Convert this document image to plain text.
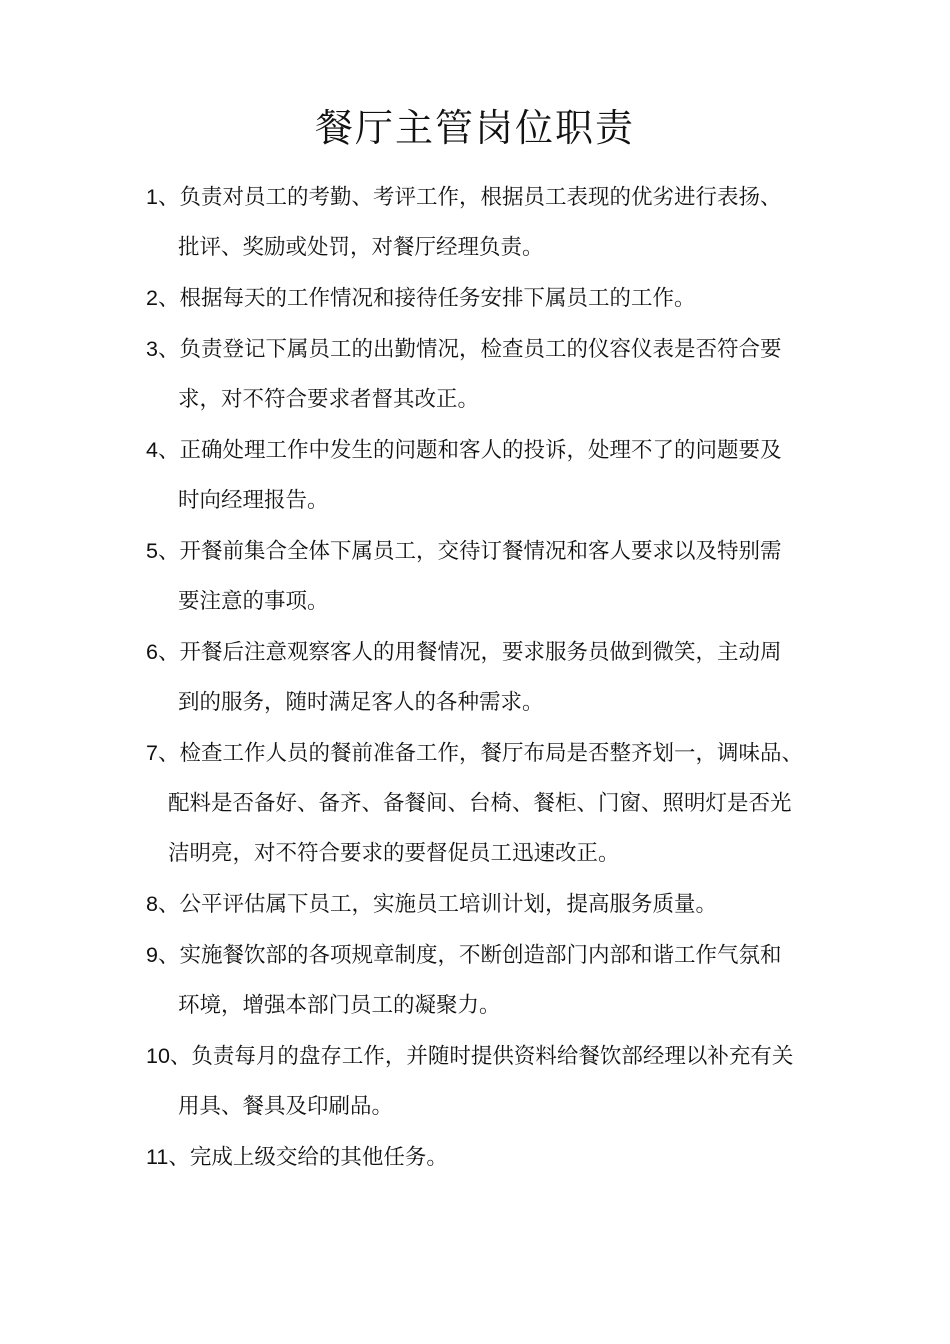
餐厅主管岗位职责
1、负责对员工的考勤、考评工作，根据员工表现的优劣进行表扬、
批评、奖励或处罚，对餐厅经理负责。
2、根据每天的工作情况和接待任务安排下属员工的工作。
3、负责登记下属员工的出勤情况，检查员工的仪容仪表是否符合要
求，对不符合要求者督其改正。
4、正确处理工作中发生的问题和客人的投诉，处理不了的问题要及
时向经理报告。
5、开餐前集合全体下属员工，交待订餐情况和客人要求以及特别需
要注意的事项。
6、开餐后注意观察客人的用餐情况，要求服务员做到微笑，主动周
到的服务，随时满足客人的各种需求。
7、检查工作人员的餐前准备工作，餐厅布局是否整齐划一，调味品、
配料是否备好、备齐、备餐间、台椅、餐柜、门窗、照明灯是否光
洁明亮，对不符合要求的要督促员工迅速改正。
8、公平评估属下员工，实施员工培训计划，提高服务质量。
9、实施餐饮部的各项规章制度，不断创造部门内部和谐工作气氛和
环境，增强本部门员工的凝聚力。
10、负责每月的盘存工作，并随时提供资料给餐饮部经理以补充有关
用具、餐具及印刷品。
11、完成上级交给的其他任务。
